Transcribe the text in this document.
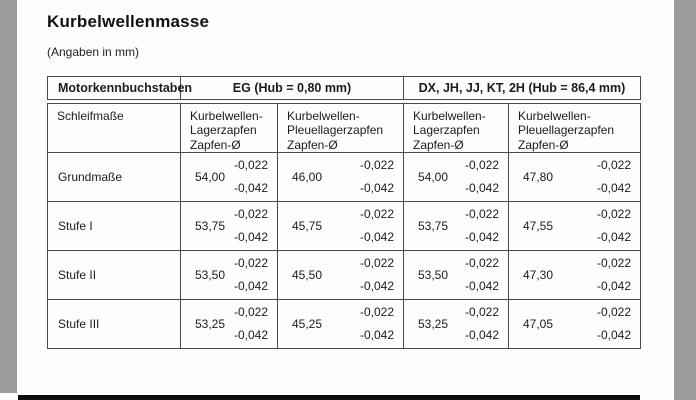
Kurbelwellenmasse
(Angaben in mm)
Motorkennbuchstaben	EG (Hub = 0,80 mm)	DX, JH, JJ, KT, 2H (Hub = 86,4 mm)
Schleifmaße	Kurbelwellen-
Lagerzapfen
Zapfen-Ø	Kurbelwellen-
Pleuellagerzapfen
Zapfen-Ø	Kurbelwellen-
Lagerzapfen
Zapfen-Ø	Kurbelwellen-
Pleuellagerzapfen
Zapfen-Ø

Grundmaße	54,00
-0,022
-0,042	46,00
-0,022
-0,042	54,00
-0,022
-0,042	47,80
-0,022
-0,042

Stufe I	53,75
-0,022
-0,042	45,75
-0,022
-0,042	53,75
-0,022
-0,042	47,55
-0,022
-0,042

Stufe II	53,50
-0,022
-0,042	45,50
-0,022
-0,042	53,50
-0,022
-0,042	47,30
-0,022
-0,042

Stufe III	53,25
-0,022
-0,042	45,25
-0,022
-0,042	53,25
-0,022
-0,042	47,05
-0,022
-0,042
